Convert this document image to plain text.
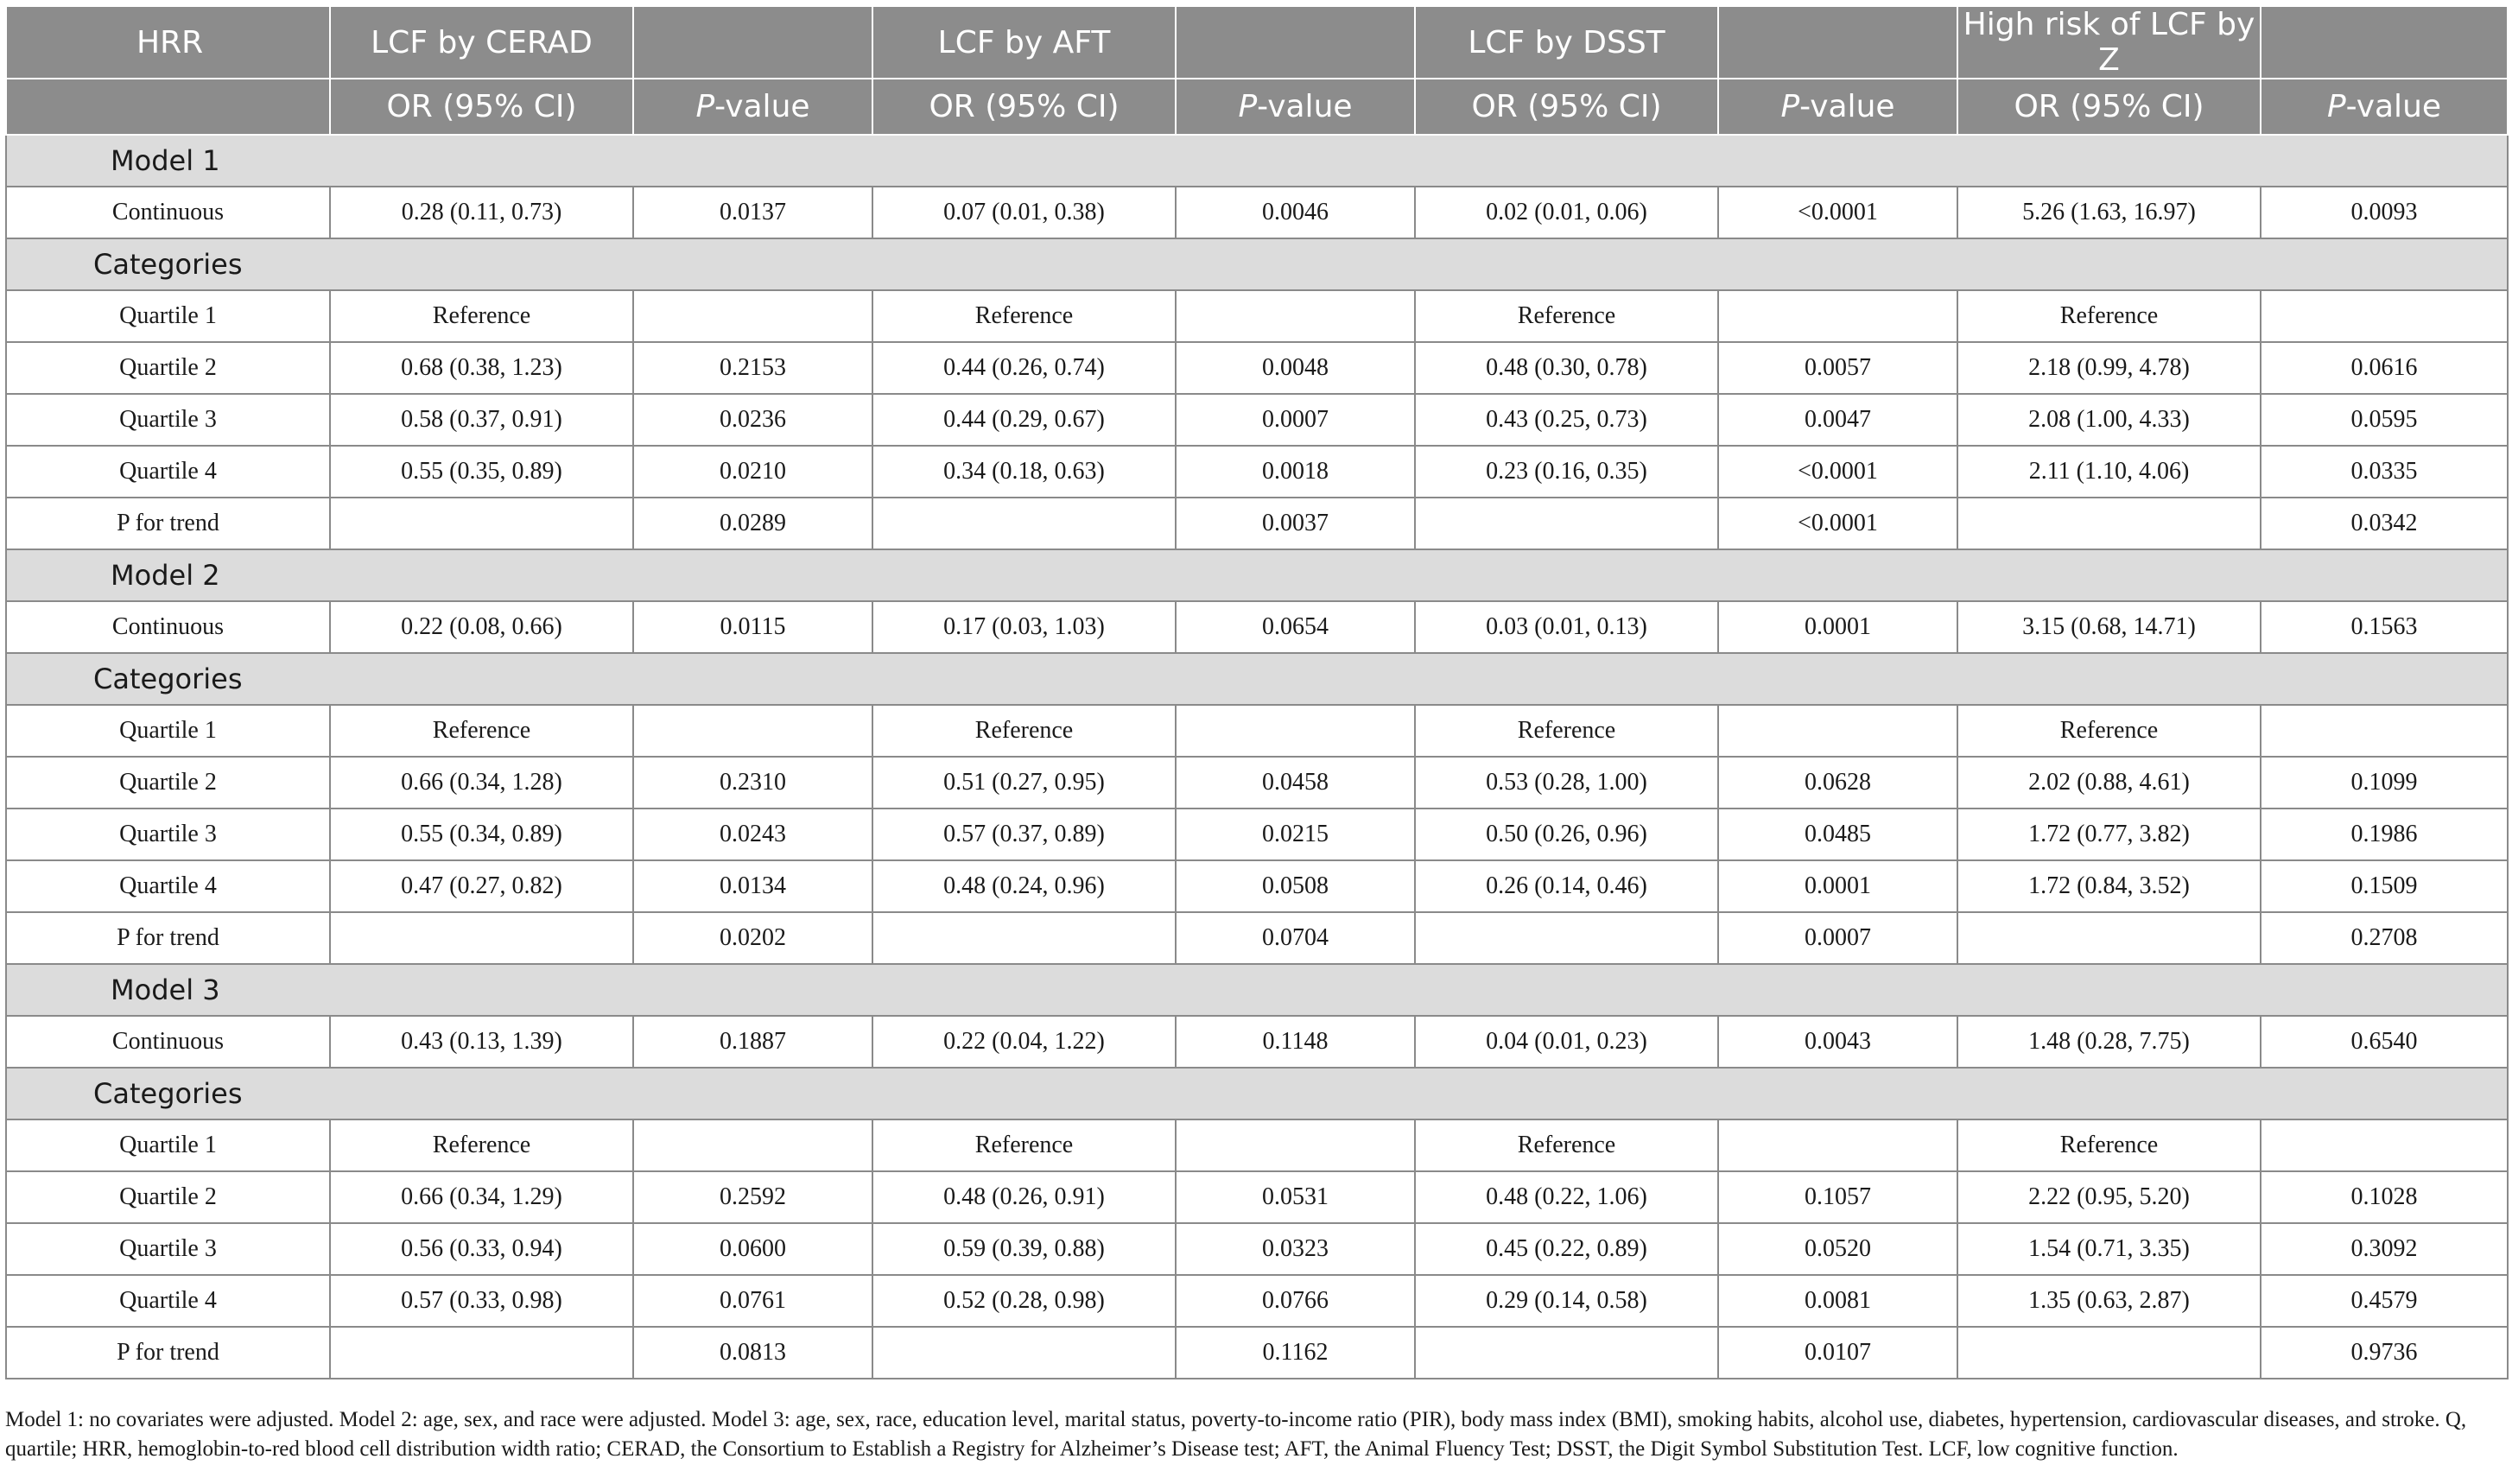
HRR	LCF by CERAD		LCF by AFT		LCF by DSST		High risk of LCF by Z	
	OR (95% CI)	P-value	OR (95% CI)	P-value	OR (95% CI)	P-value	OR (95% CI)	P-value
Model 1								
Continuous	0.28 (0.11, 0.73)	0.0137	0.07 (0.01, 0.38)	0.0046	0.02 (0.01, 0.06)	<0.0001	5.26 (1.63, 16.97)	0.0093
Categories								
Quartile 1	Reference		Reference		Reference		Reference	
Quartile 2	0.68 (0.38, 1.23)	0.2153	0.44 (0.26, 0.74)	0.0048	0.48 (0.30, 0.78)	0.0057	2.18 (0.99, 4.78)	0.0616
Quartile 3	0.58 (0.37, 0.91)	0.0236	0.44 (0.29, 0.67)	0.0007	0.43 (0.25, 0.73)	0.0047	2.08 (1.00, 4.33)	0.0595
Quartile 4	0.55 (0.35, 0.89)	0.0210	0.34 (0.18, 0.63)	0.0018	0.23 (0.16, 0.35)	<0.0001	2.11 (1.10, 4.06)	0.0335
P for trend		0.0289		0.0037		<0.0001		0.0342
Model 2								
Continuous	0.22 (0.08, 0.66)	0.0115	0.17 (0.03, 1.03)	0.0654	0.03 (0.01, 0.13)	0.0001	3.15 (0.68, 14.71)	0.1563
Categories								
Quartile 1	Reference		Reference		Reference		Reference	
Quartile 2	0.66 (0.34, 1.28)	0.2310	0.51 (0.27, 0.95)	0.0458	0.53 (0.28, 1.00)	0.0628	2.02 (0.88, 4.61)	0.1099
Quartile 3	0.55 (0.34, 0.89)	0.0243	0.57 (0.37, 0.89)	0.0215	0.50 (0.26, 0.96)	0.0485	1.72 (0.77, 3.82)	0.1986
Quartile 4	0.47 (0.27, 0.82)	0.0134	0.48 (0.24, 0.96)	0.0508	0.26 (0.14, 0.46)	0.0001	1.72 (0.84, 3.52)	0.1509
P for trend		0.0202		0.0704		0.0007		0.2708
Model 3								
Continuous	0.43 (0.13, 1.39)	0.1887	0.22 (0.04, 1.22)	0.1148	0.04 (0.01, 0.23)	0.0043	1.48 (0.28, 7.75)	0.6540
Categories								
Quartile 1	Reference		Reference		Reference		Reference	
Quartile 2	0.66 (0.34, 1.29)	0.2592	0.48 (0.26, 0.91)	0.0531	0.48 (0.22, 1.06)	0.1057	2.22 (0.95, 5.20)	0.1028
Quartile 3	0.56 (0.33, 0.94)	0.0600	0.59 (0.39, 0.88)	0.0323	0.45 (0.22, 0.89)	0.0520	1.54 (0.71, 3.35)	0.3092
Quartile 4	0.57 (0.33, 0.98)	0.0761	0.52 (0.28, 0.98)	0.0766	0.29 (0.14, 0.58)	0.0081	1.35 (0.63, 2.87)	0.4579
P for trend		0.0813		0.1162		0.0107		0.9736
Model 1: no covariates were adjusted. Model 2: age, sex, and race were adjusted. Model 3: age, sex, race, education level, marital status, poverty-to-income ratio (PIR), body mass index (BMI), smoking habits, alcohol use, diabetes, hypertension, cardiovascular diseases, and stroke. Q, quartile; HRR, hemoglobin-to-red blood cell distribution width ratio; CERAD, the Consortium to Establish a Registry for Alzheimer’s Disease test; AFT, the Animal Fluency Test; DSST, the Digit Symbol Substitution Test. LCF, low cognitive function.
